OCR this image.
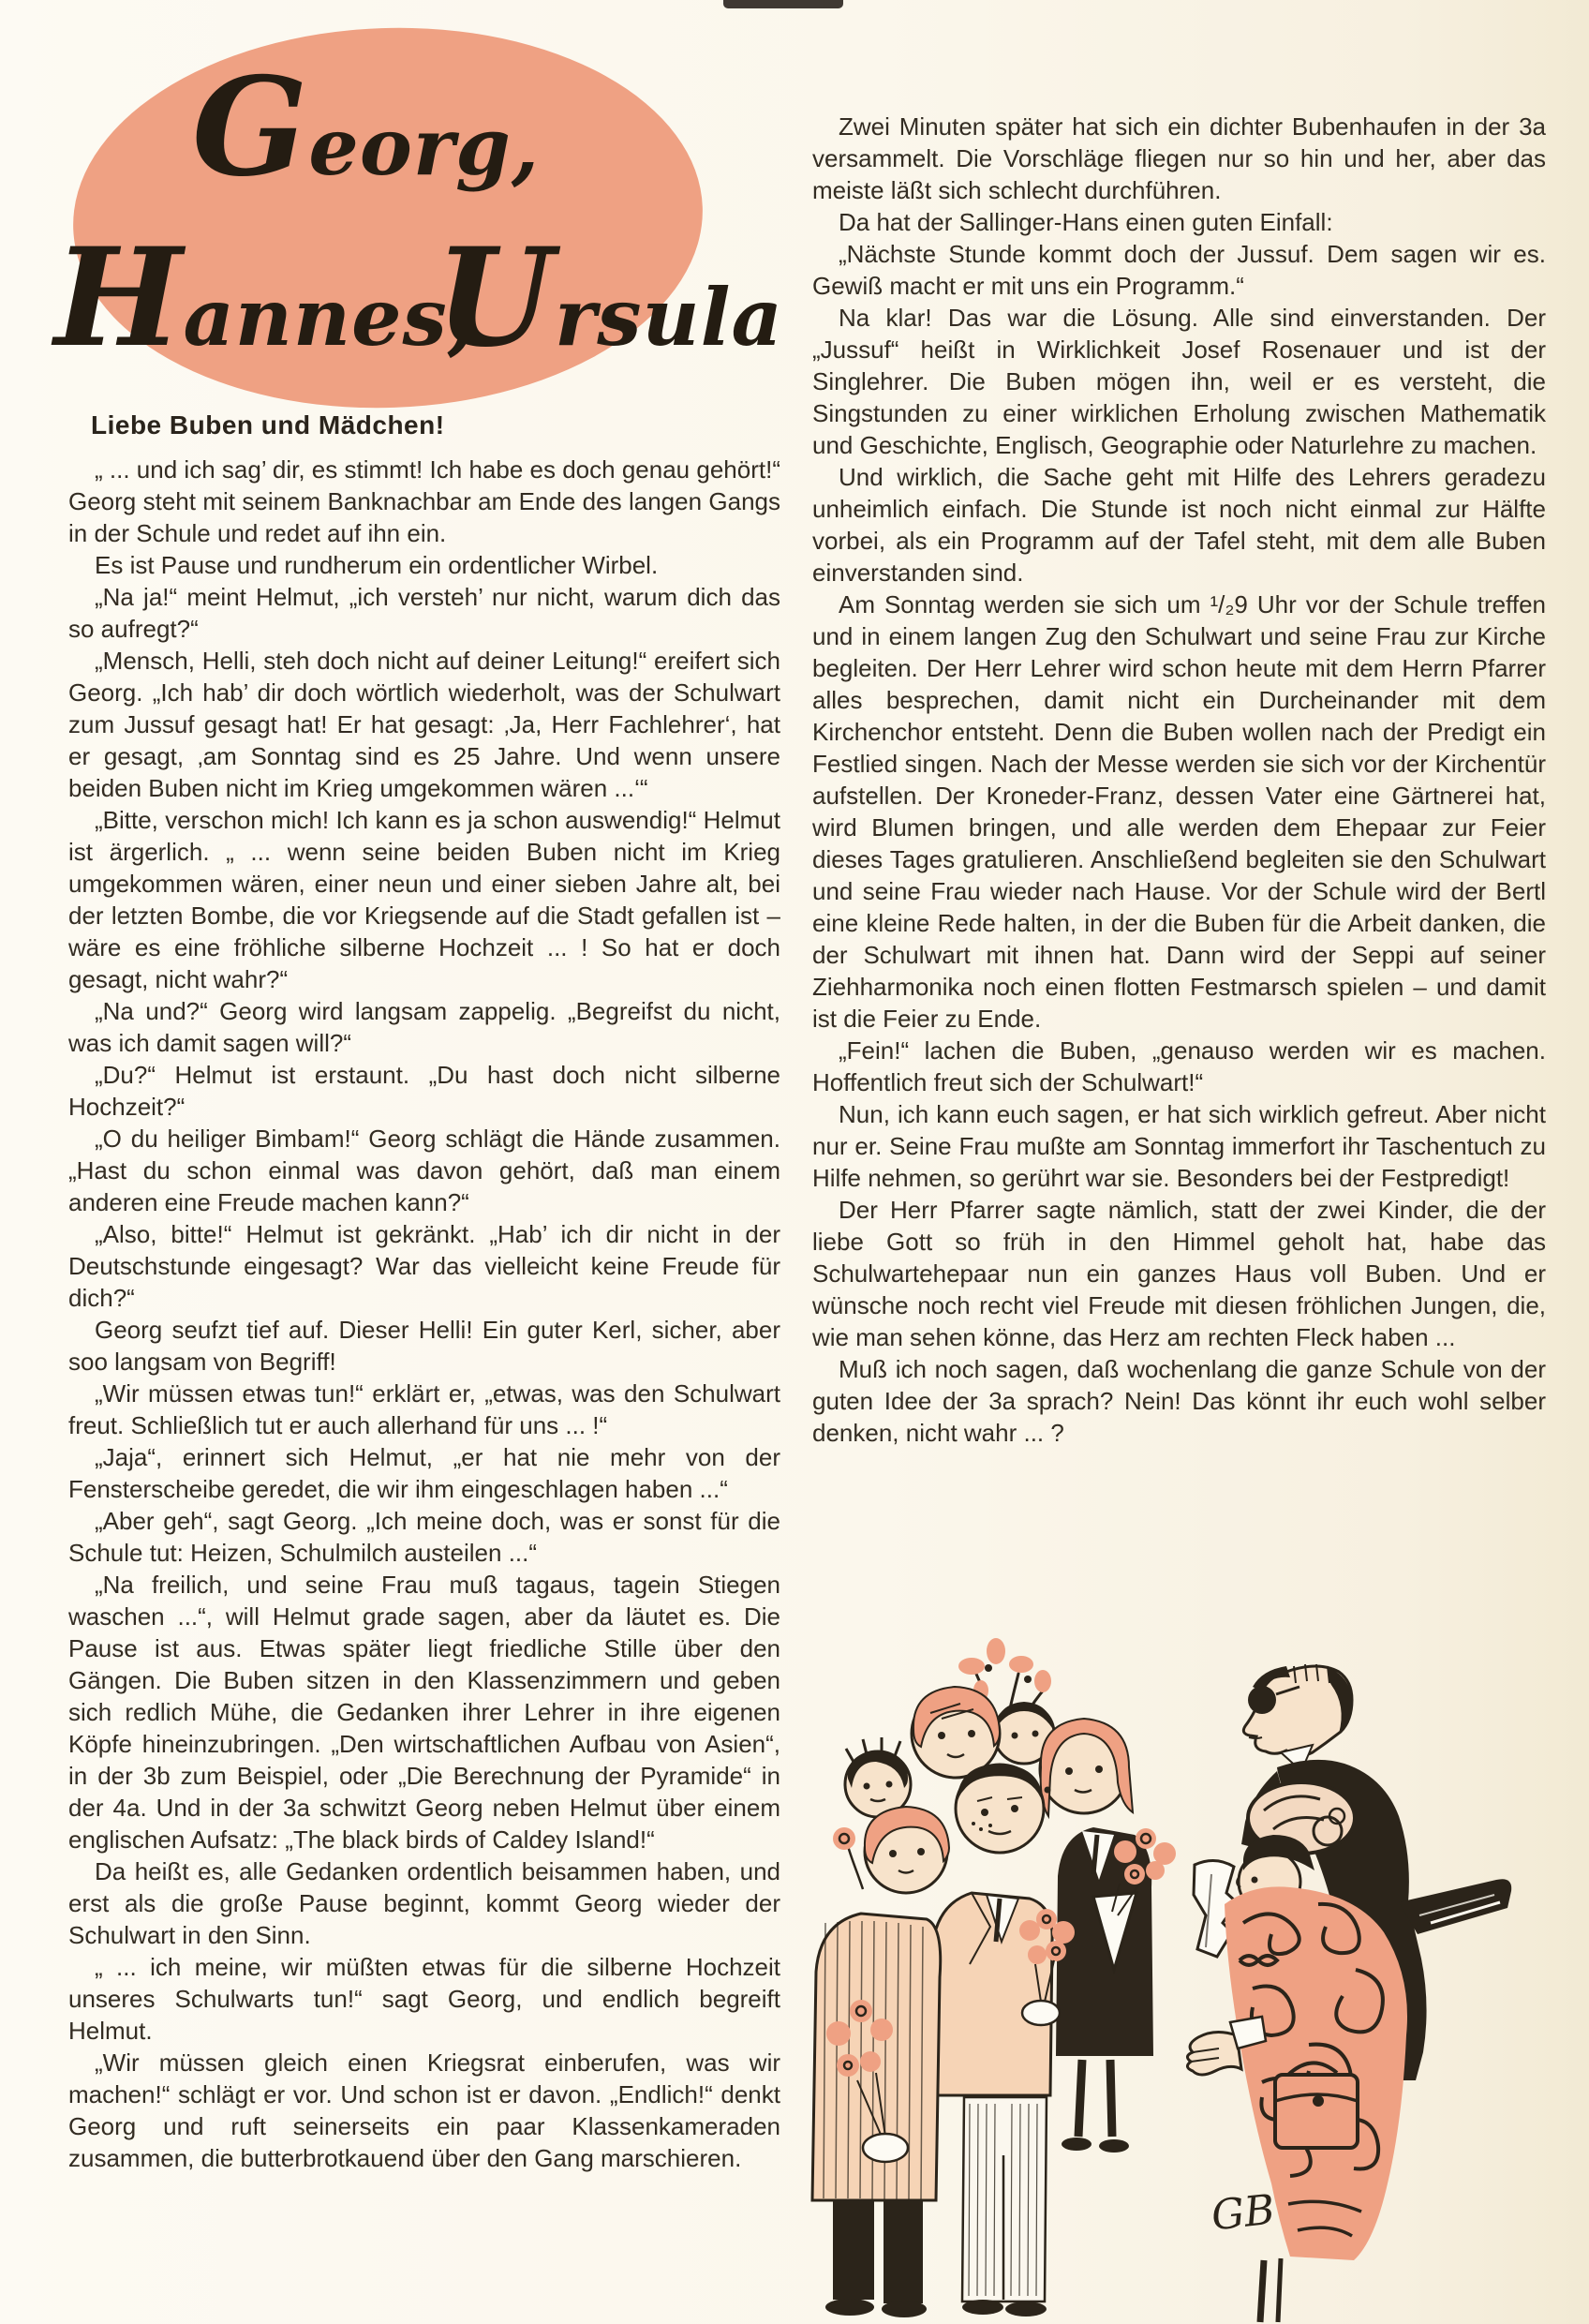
Georg,
Hannes,
Ursula
Liebe Buben und Mädchen!

„ ... und ich sag’ dir, es stimmt! Ich habe es doch genau gehört!“ Georg steht mit seinem Banknachbar am Ende des langen Gangs in der Schule und redet auf ihn ein.

Es ist Pause und rundherum ein ordentlicher Wirbel.

„Na ja!“ meint Helmut, „ich versteh’ nur nicht, warum dich das so aufregt?“

„Mensch, Helli, steh doch nicht auf deiner Leitung!“ ereifert sich Georg. „Ich hab’ dir doch wörtlich wiederholt, was der Schulwart zum Jussuf gesagt hat! Er hat gesagt: ‚Ja, Herr Fachlehrer‘, hat er gesagt, ‚am Sonntag sind es 25 Jahre. Und wenn unsere beiden Buben nicht im Krieg umgekommen wären ...‘“

„Bitte, verschon mich! Ich kann es ja schon auswendig!“ Helmut ist ärgerlich. „ ... wenn seine beiden Buben nicht im Krieg umgekommen wären, einer neun und einer sieben Jahre alt, bei der letzten Bombe, die vor Kriegsende auf die Stadt gefallen ist – wäre es eine fröhliche silberne Hochzeit ... ! So hat er doch gesagt, nicht wahr?“

„Na und?“ Georg wird langsam zappelig. „Begreifst du nicht, was ich damit sagen will?“

„Du?“ Helmut ist erstaunt. „Du hast doch nicht silberne Hochzeit?“

„O du heiliger Bimbam!“ Georg schlägt die Hände zusammen. „Hast du schon einmal was davon gehört, daß man einem anderen eine Freude machen kann?“

„Also, bitte!“ Helmut ist gekränkt. „Hab’ ich dir nicht in der Deutschstunde eingesagt? War das vielleicht keine Freude für dich?“

Georg seufzt tief auf. Dieser Helli! Ein guter Kerl, sicher, aber soo langsam von Begriff!

„Wir müssen etwas tun!“ erklärt er, „etwas, was den Schulwart freut. Schließlich tut er auch allerhand für uns ... !“

„Jaja“, erinnert sich Helmut, „er hat nie mehr von der Fensterscheibe geredet, die wir ihm eingeschlagen haben ...“

„Aber geh“, sagt Georg. „Ich meine doch, was er sonst für die Schule tut: Heizen, Schulmilch austeilen ...“

„Na freilich, und seine Frau muß tagaus, tagein Stiegen waschen ...“, will Helmut grade sagen, aber da läutet es. Die Pause ist aus. Etwas später liegt friedliche Stille über den Gängen. Die Buben sitzen in den Klassenzimmern und geben sich redlich Mühe, die Gedanken ihrer Lehrer in ihre eigenen Köpfe hineinzubringen. „Den wirtschaftlichen Aufbau von Asien“, in der 3b zum Beispiel, oder „Die Berechnung der Pyramide“ in der 4a. Und in der 3a schwitzt Georg neben Helmut über einem englischen Aufsatz: „The black birds of Caldey Island!“

Da heißt es, alle Gedanken ordentlich beisammen haben, und erst als die große Pause beginnt, kommt Georg wieder der Schulwart in den Sinn.

„ ... ich meine, wir müßten etwas für die silberne Hochzeit unseres Schulwarts tun!“ sagt Georg, und endlich begreift Helmut.

„Wir müssen gleich einen Kriegsrat einberufen, was wir machen!“ schlägt er vor. Und schon ist er davon. „Endlich!“ denkt Georg und ruft seinerseits ein paar Klassenkameraden zusammen, die butterbrotkauend über den Gang marschieren.

Zwei Minuten später hat sich ein dichter Bubenhaufen in der 3a versammelt. Die Vorschläge fliegen nur so hin und her, aber das meiste läßt sich schlecht durchführen.

Da hat der Sallinger-Hans einen guten Einfall:

„Nächste Stunde kommt doch der Jussuf. Dem sagen wir es. Gewiß macht er mit uns ein Programm.“

Na klar! Das war die Lösung. Alle sind einverstanden. Der „Jussuf“ heißt in Wirklichkeit Josef Rosenauer und ist der Singlehrer. Die Buben mögen ihn, weil er es versteht, die Singstunden zu einer wirklichen Erholung zwischen Mathematik und Geschichte, Englisch, Geographie oder Naturlehre zu machen.

Und wirklich, die Sache geht mit Hilfe des Lehrers geradezu unheimlich einfach. Die Stunde ist noch nicht einmal zur Hälfte vorbei, als ein Programm auf der Tafel steht, mit dem alle Buben einverstanden sind.

Am Sonntag werden sie sich um ¹/₂9 Uhr vor der Schule treffen und in einem langen Zug den Schulwart und seine Frau zur Kirche begleiten. Der Herr Lehrer wird schon heute mit dem Herrn Pfarrer alles besprechen, damit nicht ein Durcheinander mit dem Kirchenchor entsteht. Denn die Buben wollen nach der Predigt ein Festlied singen. Nach der Messe werden sie sich vor der Kirchentür aufstellen. Der Kroneder-Franz, dessen Vater eine Gärtnerei hat, wird Blumen bringen, und alle werden dem Ehepaar zur Feier dieses Tages gratulieren. Anschließend begleiten sie den Schulwart und seine Frau wieder nach Hause. Vor der Schule wird der Bertl eine kleine Rede halten, in der die Buben für die Arbeit danken, die der Schulwart mit ihnen hat. Dann wird der Seppi auf seiner Ziehharmonika noch einen flotten Festmarsch spielen – und damit ist die Feier zu Ende.

„Fein!“ lachen die Buben, „genauso werden wir es machen. Hoffentlich freut sich der Schulwart!“

Nun, ich kann euch sagen, er hat sich wirklich gefreut. Aber nicht nur er. Seine Frau mußte am Sonntag immerfort ihr Taschentuch zu Hilfe nehmen, so gerührt war sie. Besonders bei der Festpredigt!

Der Herr Pfarrer sagte nämlich, statt der zwei Kinder, die der liebe Gott so früh in den Himmel geholt hat, habe das Schulwartehepaar nun ein ganzes Haus voll Buben. Und er wünsche noch recht viel Freude mit diesen fröhlichen Jungen, die, wie man sehen könne, das Herz am rechten Fleck haben ...

Muß ich noch sagen, daß wochenlang die ganze Schule von der guten Idee der 3a sprach? Nein! Das könnt ihr euch wohl selber denken, nicht wahr ... ?

GB
